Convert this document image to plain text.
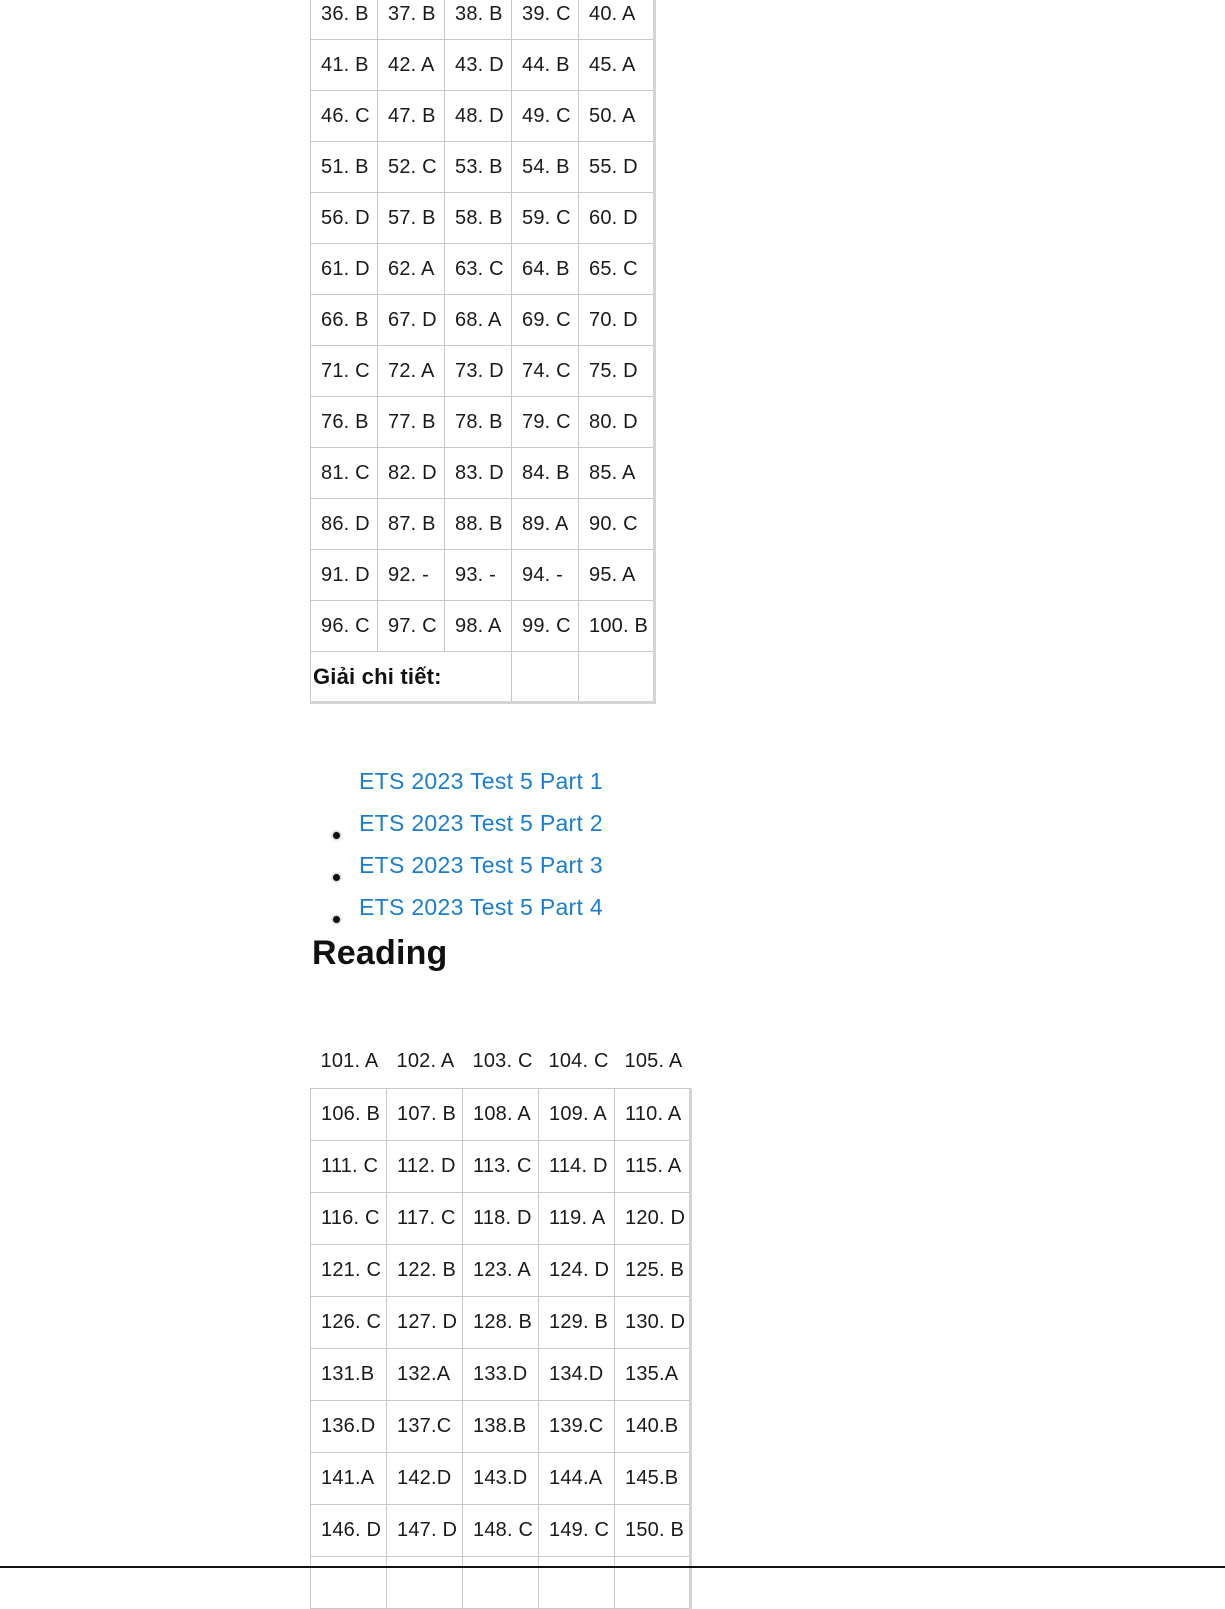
36. B	37. B	38. B	39. C	40. A
41. B	42. A	43. D	44. B	45. A
46. C	47. B	48. D	49. C	50. A
51. B	52. C	53. B	54. B	55. D
56. D	57. B	58. B	59. C	60. D
61. D	62. A	63. C	64. B	65. C
66. B	67. D	68. A	69. C	70. D
71. C	72. A	73. D	74. C	75. D
76. B	77. B	78. B	79. C	80. D
81. C	82. D	83. D	84. B	85. A
86. D	87. B	88. B	89. A	90. C
91. D	92. -	93. -	94. -	95. A
96. C	97. C	98. A	99. C	100. B
Giải chi tiết:				
ETS 2023 Test 5 Part 1
ETS 2023 Test 5 Part 2
ETS 2023 Test 5 Part 3
ETS 2023 Test 5 Part 4
Reading
101. A	102. A	103. C	104. C	105. A
106. B	107. B	108. A	109. A	110. A
111. C	112. D	113. C	114. D	115. A
116. C	117. C	118. D	119. A	120. D
121. C	122. B	123. A	124. D	125. B
126. C	127. D	128. B	129. B	130. D
131.B	132.A	133.D	134.D	135.A
136.D	137.C	138.B	139.C	140.B
141.A	142.D	143.D	144.A	145.B
146. D	147. D	148. C	149. C	150. B
